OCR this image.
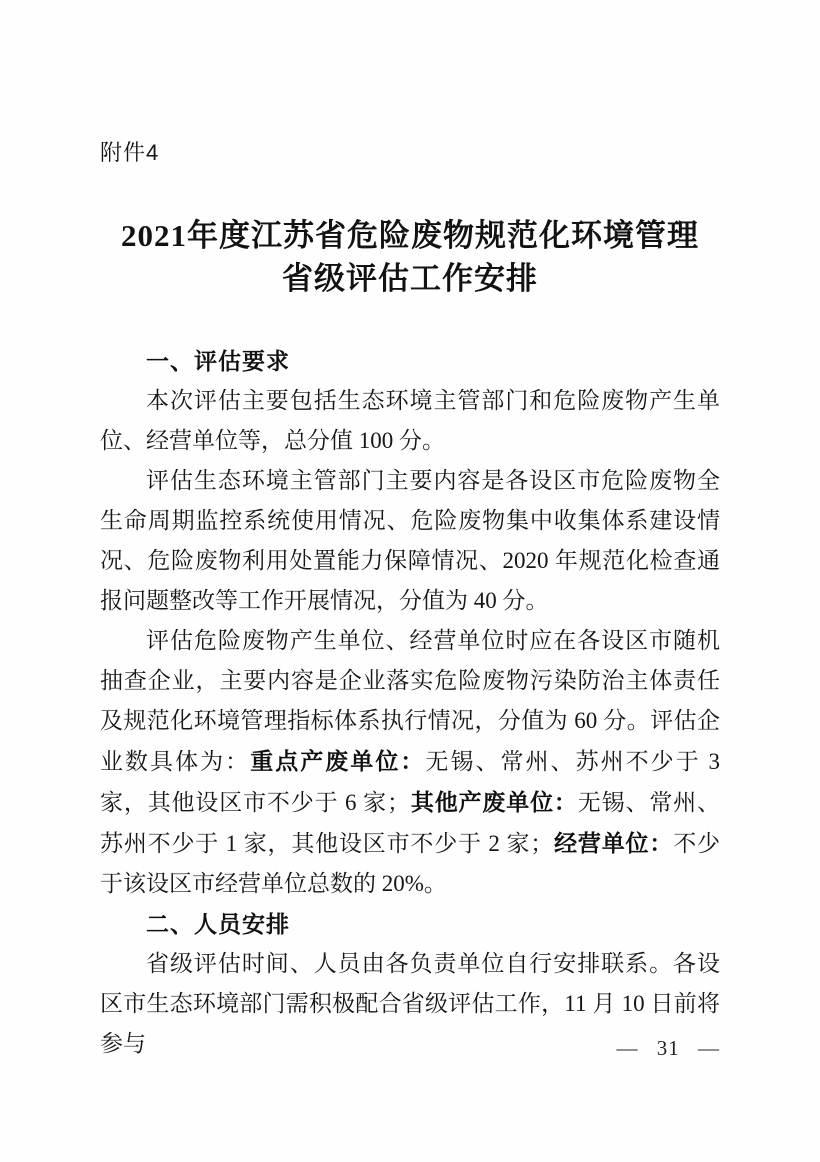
附件4
2021年度江苏省危险废物规范化环境管理
省级评估工作安排
一、评估要求

本次评估主要包括生态环境主管部门和危险废物产生单位、经营单位等，总分值 100 分。

评估生态环境主管部门主要内容是各设区市危险废物全生命周期监控系统使用情况、危险废物集中收集体系建设情况、危险废物利用处置能力保障情况、2020 年规范化检查通报问题整改等工作开展情况，分值为 40 分。

评估危险废物产生单位、经营单位时应在各设区市随机抽查企业，主要内容是企业落实危险废物污染防治主体责任及规范化环境管理指标体系执行情况，分值为 60 分。评估企业数具体为：重点产废单位：无锡、常州、苏州不少于 3 家，其他设区市不少于 6 家；其他产废单位：无锡、常州、苏州不少于 1 家，其他设区市不少于 2 家；经营单位：不少于该设区市经营单位总数的 20%。

二、人员安排

省级评估时间、人员由各负责单位自行安排联系。各设区市生态环境部门需积极配合省级评估工作，11 月 10 日前将参与	— 31 —
